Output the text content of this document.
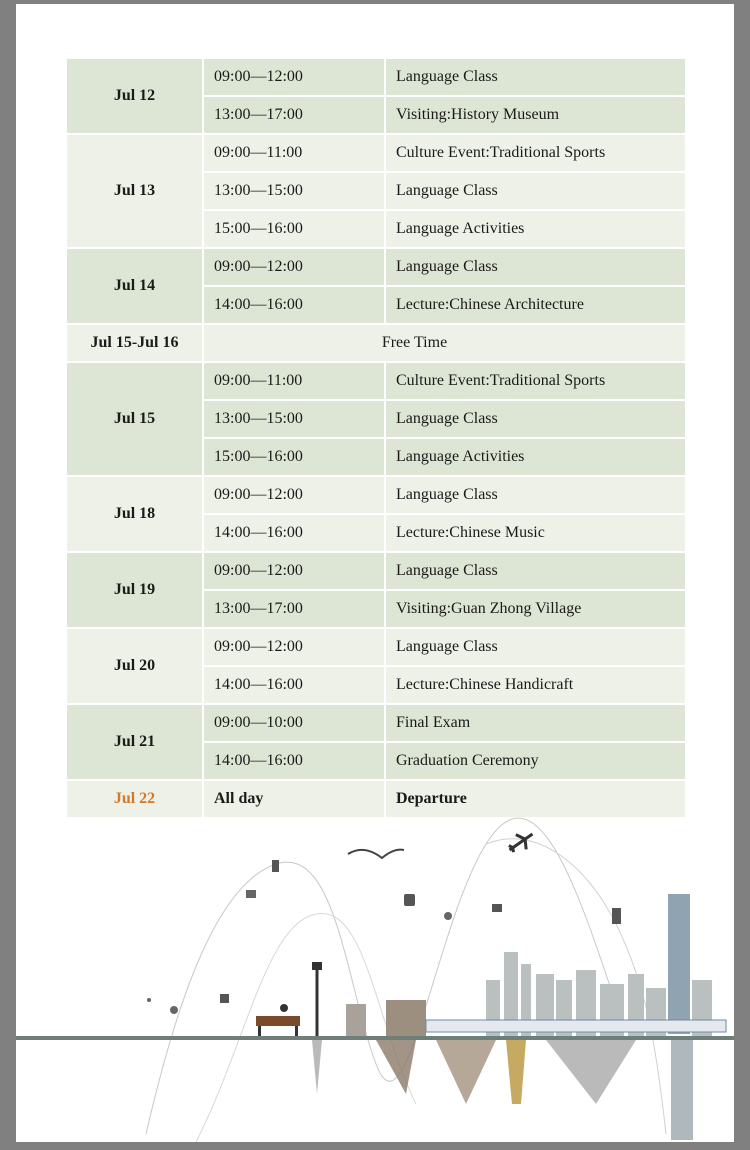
Jul 12	09:00—12:00	Language Class
	13:00—17:00	Visiting:History Museum
Jul 13	09:00—11:00	Culture Event:Traditional Sports
	13:00—15:00	Language Class
	15:00—16:00	Language Activities
Jul 14	09:00—12:00	Language Class
	14:00—16:00	Lecture:Chinese Architecture
Jul 15-Jul 16	Free Time	
Jul 15	09:00—11:00	Culture Event:Traditional Sports
	13:00—15:00	Language Class
	15:00—16:00	Language Activities
Jul 18	09:00—12:00	Language Class
	14:00—16:00	Lecture:Chinese Music
Jul 19	09:00—12:00	Language Class
	13:00—17:00	Visiting:Guan Zhong Village
Jul 20	09:00—12:00	Language Class
	14:00—16:00	Lecture:Chinese Handicraft
Jul 21	09:00—10:00	Final Exam
	14:00—16:00	Graduation Ceremony
Jul 22	All day	Departure
